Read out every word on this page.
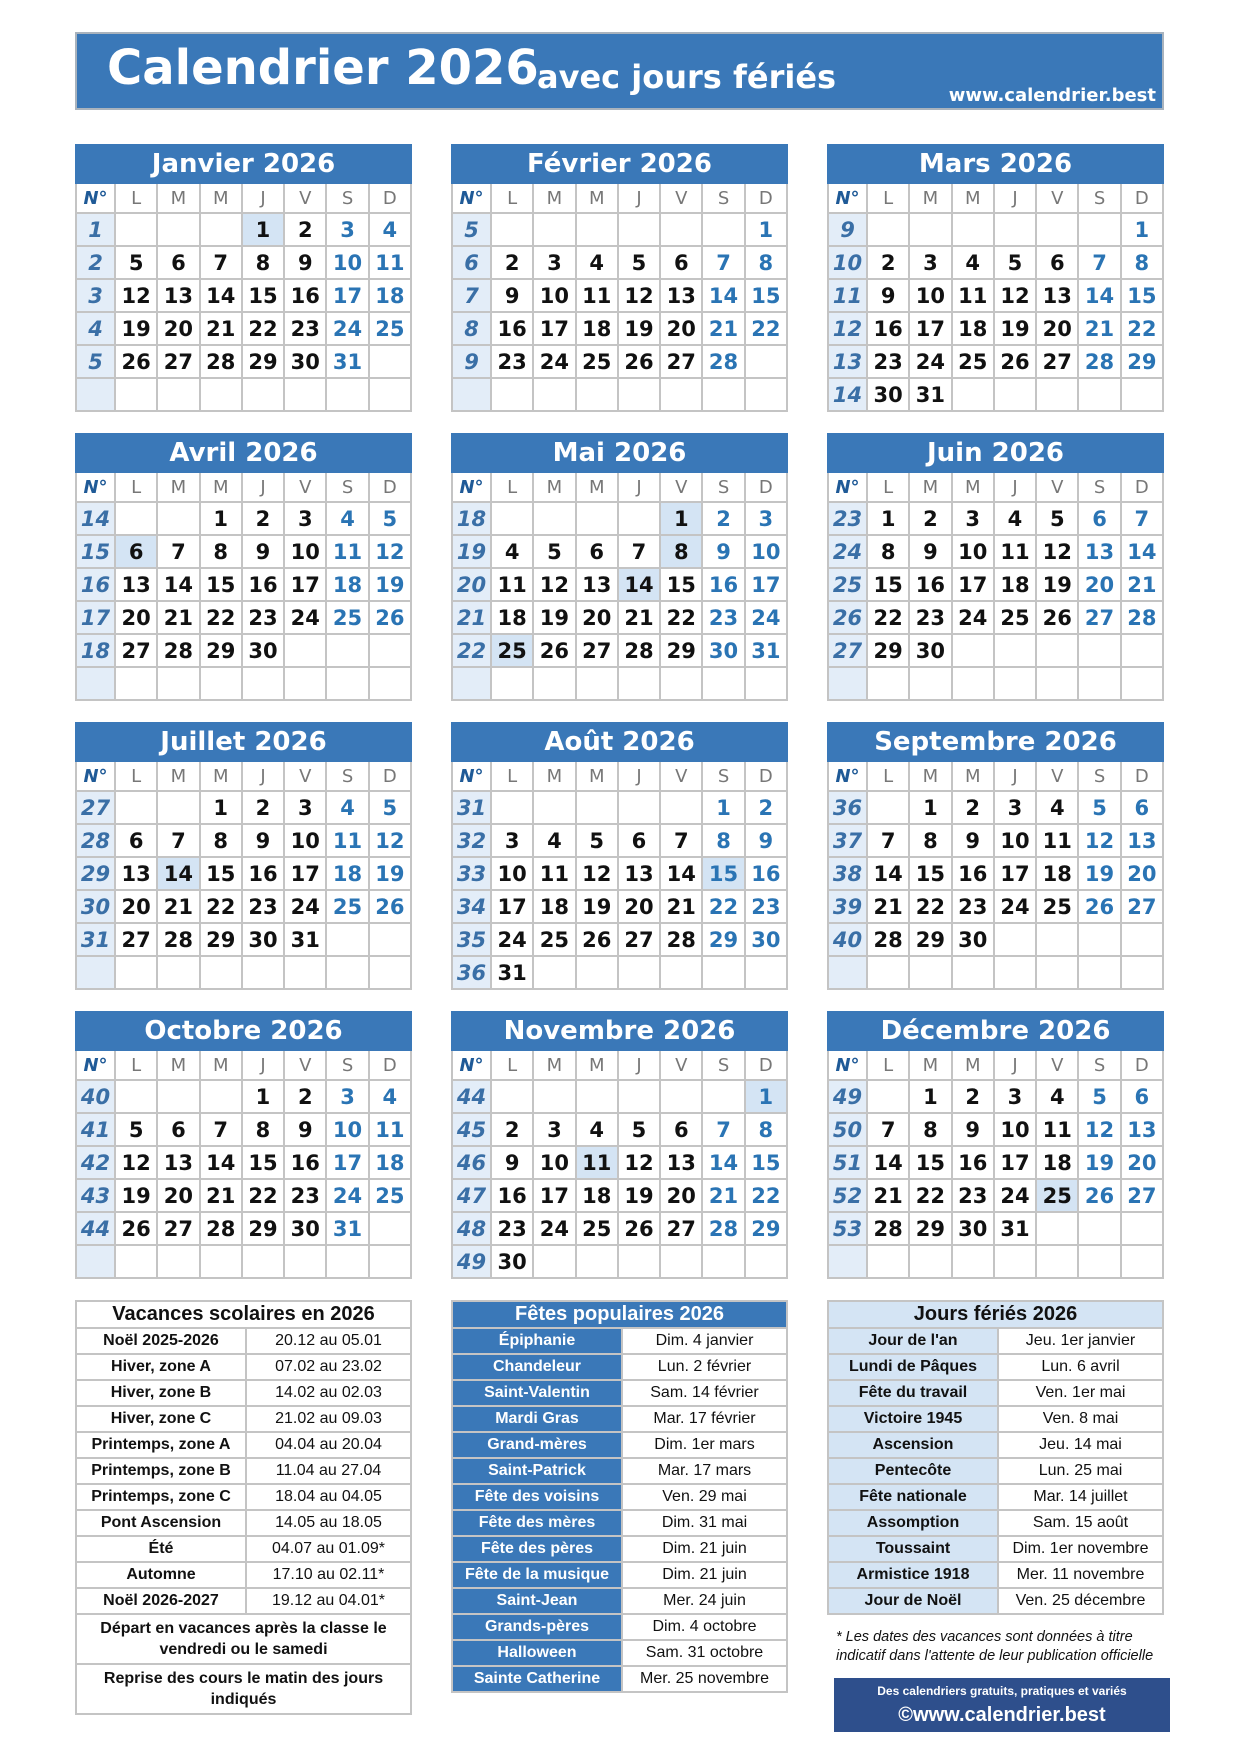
Calendrier 2026
avec jours fériés	www.calendrier.best
Janvier 2026							
N°	L	M	M	J	V	S	D
1				1	2	3	4
2	5	6	7	8	9	10	11
3	12	13	14	15	16	17	18
4	19	20	21	22	23	24	25
5	26	27	28	29	30	31	

Février 2026							
N°	L	M	M	J	V	S	D
5							1
6	2	3	4	5	6	7	8
7	9	10	11	12	13	14	15
8	16	17	18	19	20	21	22
9	23	24	25	26	27	28	

Mars 2026							
N°	L	M	M	J	V	S	D
9							1
10	2	3	4	5	6	7	8
11	9	10	11	12	13	14	15
12	16	17	18	19	20	21	22
13	23	24	25	26	27	28	29
14	30	31					
Avril 2026							
N°	L	M	M	J	V	S	D
14			1	2	3	4	5
15	6	7	8	9	10	11	12
16	13	14	15	16	17	18	19
17	20	21	22	23	24	25	26
18	27	28	29	30			

Mai 2026							
N°	L	M	M	J	V	S	D
18					1	2	3
19	4	5	6	7	8	9	10
20	11	12	13	14	15	16	17
21	18	19	20	21	22	23	24
22	25	26	27	28	29	30	31

Juin 2026							
N°	L	M	M	J	V	S	D
23	1	2	3	4	5	6	7
24	8	9	10	11	12	13	14
25	15	16	17	18	19	20	21
26	22	23	24	25	26	27	28
27	29	30					

Juillet 2026							
N°	L	M	M	J	V	S	D
27			1	2	3	4	5
28	6	7	8	9	10	11	12
29	13	14	15	16	17	18	19
30	20	21	22	23	24	25	26
31	27	28	29	30	31		

Août 2026							
N°	L	M	M	J	V	S	D
31						1	2
32	3	4	5	6	7	8	9
33	10	11	12	13	14	15	16
34	17	18	19	20	21	22	23
35	24	25	26	27	28	29	30
36	31						
Septembre 2026							
N°	L	M	M	J	V	S	D
36		1	2	3	4	5	6
37	7	8	9	10	11	12	13
38	14	15	16	17	18	19	20
39	21	22	23	24	25	26	27
40	28	29	30				

Octobre 2026							
N°	L	M	M	J	V	S	D
40				1	2	3	4
41	5	6	7	8	9	10	11
42	12	13	14	15	16	17	18
43	19	20	21	22	23	24	25
44	26	27	28	29	30	31	

Novembre 2026							
N°	L	M	M	J	V	S	D
44							1
45	2	3	4	5	6	7	8
46	9	10	11	12	13	14	15
47	16	17	18	19	20	21	22
48	23	24	25	26	27	28	29
49	30						
Décembre 2026							
N°	L	M	M	J	V	S	D
49		1	2	3	4	5	6
50	7	8	9	10	11	12	13
51	14	15	16	17	18	19	20
52	21	22	23	24	25	26	27
53	28	29	30	31			

Vacances scolaires en 2026	
Noël 2025-2026	20.12 au 05.01
Hiver, zone A	07.02 au 23.02
Hiver, zone B	14.02 au 02.03
Hiver, zone C	21.02 au 09.03
Printemps, zone A	04.04 au 20.04
Printemps, zone B	11.04 au 27.04
Printemps, zone C	18.04 au 04.05
Pont Ascension	14.05 au 18.05
Été	04.07 au 01.09*
Automne	17.10 au 02.11*
Noël 2026-2027	19.12 au 04.01*
Départ en vacances après la classe le vendredi ou le samedi	
Reprise des cours le matin des jours indiqués	
Fêtes populaires 2026	
Épiphanie	Dim. 4 janvier
Chandeleur	Lun. 2 février
Saint-Valentin	Sam. 14 février
Mardi Gras	Mar. 17 février
Grand-mères	Dim. 1er mars
Saint-Patrick	Mar. 17 mars
Fête des voisins	Ven. 29 mai
Fête des mères	Dim. 31 mai
Fête des pères	Dim. 21 juin
Fête de la musique	Dim. 21 juin
Saint-Jean	Mer. 24 juin
Grands-pères	Dim. 4 octobre
Halloween	Sam. 31 octobre
Sainte Catherine	Mer. 25 novembre
Jours fériés 2026	
Jour de l'an	Jeu. 1er janvier
Lundi de Pâques	Lun. 6 avril
Fête du travail	Ven. 1er mai
Victoire 1945	Ven. 8 mai
Ascension	Jeu. 14 mai
Pentecôte	Lun. 25 mai
Fête nationale	Mar. 14 juillet
Assomption	Sam. 15 août
Toussaint	Dim. 1er novembre
Armistice 1918	Mer. 11 novembre
Jour de Noël	Ven. 25 décembre
* Les dates des vacances sont données à titre indicatif dans l'attente de leur publication officielle
Des calendriers gratuits, pratiques et variés
©www.calendrier.best
